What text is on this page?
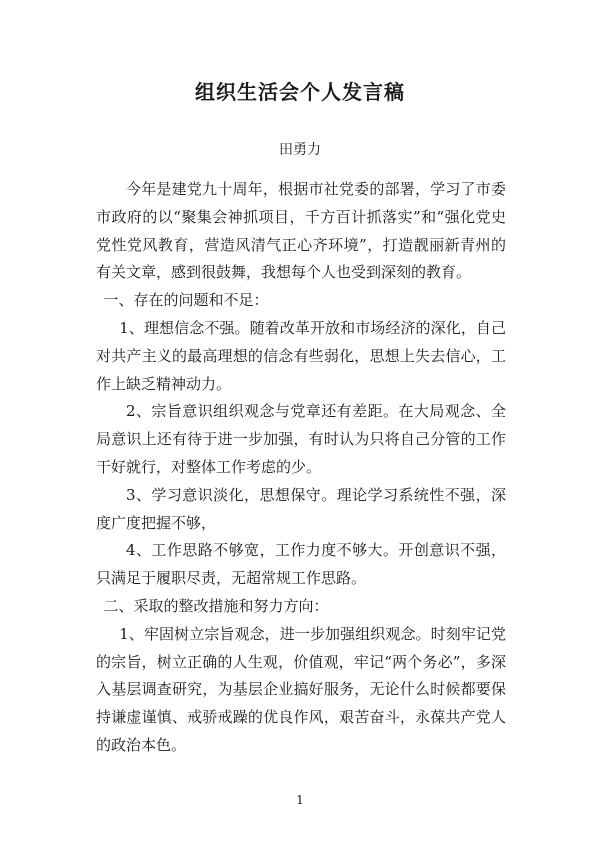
组织生活会个人发言稿

田勇力

今年是建党九十周年，根据市社党委的部署，学习了市委市政府的以“聚集会神抓项目，千方百计抓落实”和“强化党史党性党风教育，营造风清气正心齐环境”，打造靓丽新青州的有关文章，感到很鼓舞，我想每个人也受到深刻的教育。

一、存在的问题和不足：

1、理想信念不强。随着改革开放和市场经济的深化，自己对共产主义的最高理想的信念有些弱化，思想上失去信心，工作上缺乏精神动力。

2、宗旨意识组织观念与党章还有差距。在大局观念、全局意识上还有待于进一步加强，有时认为只将自己分管的工作干好就行，对整体工作考虑的少。

3、学习意识淡化，思想保守。理论学习系统性不强，深度广度把握不够，

4、工作思路不够宽，工作力度不够大。开创意识不强，只满足于履职尽责，无超常规工作思路。

二、采取的整改措施和努力方向：

1、牢固树立宗旨观念，进一步加强组织观念。时刻牢记党的宗旨，树立正确的人生观，价值观，牢记“两个务必”，多深入基层调查研究，为基层企业搞好服务，无论什么时候都要保持谦虚谨慎、戒骄戒躁的优良作风，艰苦奋斗，永葆共产党人的政治本色。

1
